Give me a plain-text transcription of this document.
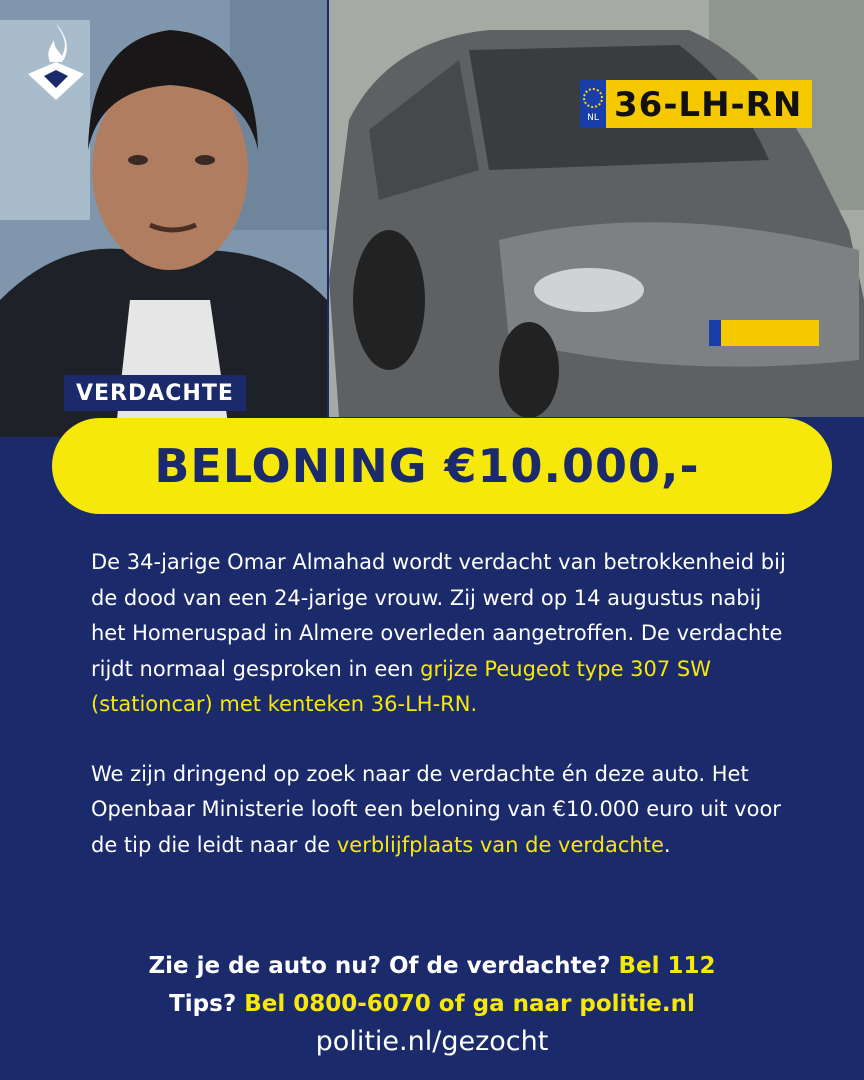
VERDACHTE
NL 36-LH-RN
BELONING €10.000,-

De 34-jarige Omar Almahad wordt verdacht van betrokkenheid bij de dood van een 24-jarige vrouw. Zij werd op 14 augustus nabij het Homeruspad in Almere overleden aangetroffen. De verdachte rijdt normaal gesproken in een grijze Peugeot type 307 SW (stationcar) met kenteken 36-LH-RN.

We zijn dringend op zoek naar de verdachte én deze auto. Het Openbaar Ministerie looft een beloning van €10.000 euro uit voor de tip die leidt naar de verblijfplaats van de verdachte.

Zie je de auto nu? Of de verdachte? Bel 112
Tips? Bel 0800-6070 of ga naar politie.nl
politie.nl/gezocht
